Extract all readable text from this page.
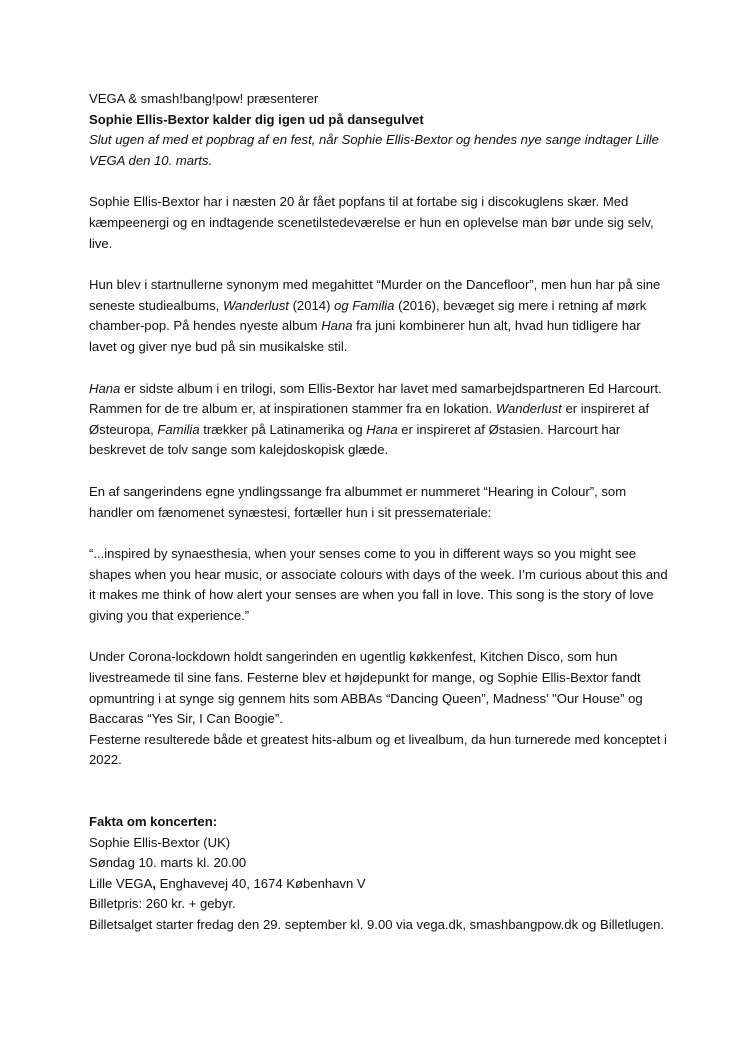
VEGA & smash!bang!pow! præsenterer

Sophie Ellis-Bextor kalder dig igen ud på dansegulvet

Slut ugen af med et popbrag af en fest, når Sophie Ellis-Bextor og hendes nye sange indtager Lille VEGA den 10. marts.

Sophie Ellis-Bextor har i næsten 20 år fået popfans til at fortabe sig i discokuglens skær. Med kæmpeenergi og en indtagende scenetilstedeværelse er hun en oplevelse man bør unde sig selv, live.

Hun blev i startnullerne synonym med megahittet “Murder on the Dancefloor”, men hun har på sine seneste studiealbums, Wanderlust (2014) og Familia (2016), bevæget sig mere i retning af mørk chamber-pop. På hendes nyeste album Hana fra juni kombinerer hun alt, hvad hun tidligere har lavet og giver nye bud på sin musikalske stil.

Hana er sidste album i en trilogi, som Ellis-Bextor har lavet med samarbejdspartneren Ed Harcourt. Rammen for de tre album er, at inspirationen stammer fra en lokation. Wanderlust er inspireret af Østeuropa, Familia trækker på Latinamerika og Hana er inspireret af Østasien. Harcourt har beskrevet de tolv sange som kalejdoskopisk glæde.

En af sangerindens egne yndlingssange fra albummet er nummeret “Hearing in Colour”, som handler om fænomenet synæstesi, fortæller hun i sit pressemateriale:

“...inspired by synaesthesia, when your senses come to you in different ways so you might see shapes when you hear music, or associate colours with days of the week. I’m curious about this and it makes me think of how alert your senses are when you fall in love. This song is the story of love giving you that experience.”

Under Corona-lockdown holdt sangerinden en ugentlig køkkenfest, Kitchen Disco, som hun livestreamede til sine fans. Festerne blev et højdepunkt for mange, og Sophie Ellis-Bextor fandt opmuntring i at synge sig gennem hits som ABBAs “Dancing Queen”, Madness’ "Our House” og Baccaras “Yes Sir, I Can Boogie”.

Festerne resulterede både et greatest hits-album og et livealbum, da hun turnerede med konceptet i 2022.

Fakta om koncerten:

Sophie Ellis-Bextor (UK)

Søndag 10. marts kl. 20.00

Lille VEGA, Enghavevej 40, 1674 København V

Billetpris: 260 kr. + gebyr.

Billetsalget starter fredag den 29. september kl. 9.00 via vega.dk, smashbangpow.dk og Billetlugen.
